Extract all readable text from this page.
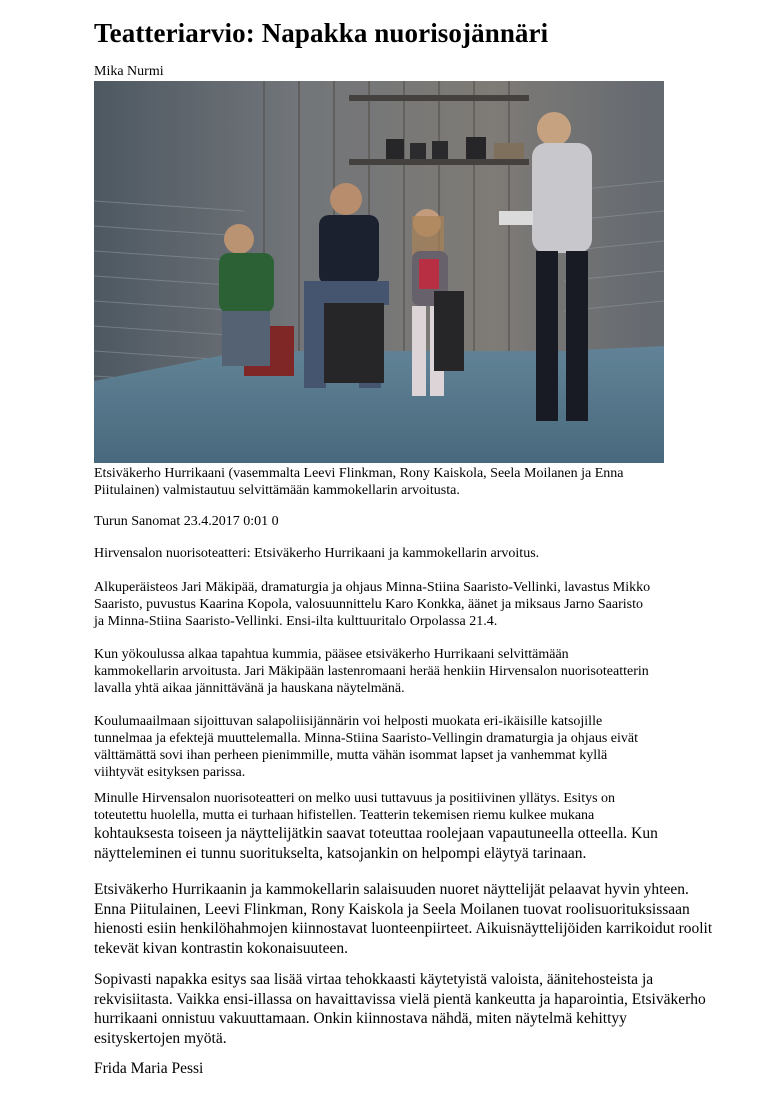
Teatteriarvio: Napakka nuorisojännäri
Mika Nurmi
Etsiväkerho Hurrikaani (vasemmalta Leevi Flinkman, Rony Kaiskola, Seela Moilanen ja Enna
Piitulainen) valmistautuu selvittämään kammokellarin arvoitusta.
Turun Sanomat 23.4.2017 0:01 0
Hirvensalon nuorisoteatteri: Etsiväkerho Hurrikaani ja kammokellarin arvoitus.
Alkuperäisteos Jari Mäkipää, dramaturgia ja ohjaus Minna-Stiina Saaristo-Vellinki, lavastus Mikko
Saaristo, puvustus Kaarina Kopola, valosuunnittelu Karo Konkka, äänet ja miksaus Jarno Saaristo
ja Minna-Stiina Saaristo-Vellinki. Ensi-ilta kulttuuritalo Orpolassa 21.4.
Kun yökoulussa alkaa tapahtua kummia, pääsee etsiväkerho Hurrikaani selvittämään
kammokellarin arvoitusta. Jari Mäkipään lastenromaani herää henkiin Hirvensalon nuorisoteatterin
lavalla yhtä aikaa jännittävänä ja hauskana näytelmänä.
Koulumaailmaan sijoittuvan salapoliisijännärin voi helposti muokata eri-ikäisille katsojille
tunnelmaa ja efektejä muuttelemalla. Minna-Stiina Saaristo-Vellingin dramaturgia ja ohjaus eivät
välttämättä sovi ihan perheen pienimmille, mutta vähän isommat lapset ja vanhemmat kyllä
viihtyvät esityksen parissa.
Minulle Hirvensalon nuorisoteatteri on melko uusi tuttavuus ja positiivinen yllätys. Esitys on
toteutettu huolella, mutta ei turhaan hifistellen. Teatterin tekemisen riemu kulkee mukana
kohtauksesta toiseen ja näyttelijätkin saavat toteuttaa roolejaan vapautuneella otteella. Kun
näytteleminen ei tunnu suoritukselta, katsojankin on helpompi eläytyä tarinaan.
Etsiväkerho Hurrikaanin ja kammokellarin salaisuuden nuoret näyttelijät pelaavat hyvin yhteen.
Enna Piitulainen, Leevi Flinkman, Rony Kaiskola ja Seela Moilanen tuovat roolisuorituksissaan
hienosti esiin henkilöhahmojen kiinnostavat luonteenpiirteet. Aikuisnäyttelijöiden karrikoidut roolit
tekevät kivan kontrastin kokonaisuuteen.
Sopivasti napakka esitys saa lisää virtaa tehokkaasti käytetyistä valoista, äänitehosteista ja
rekvisiitasta. Vaikka ensi-illassa on havaittavissa vielä pientä kankeutta ja haparointia, Etsiväkerho
hurrikaani onnistuu vakuuttamaan. Onkin kiinnostava nähdä, miten näytelmä kehittyy
esityskertojen myötä.
Frida Maria Pessi
